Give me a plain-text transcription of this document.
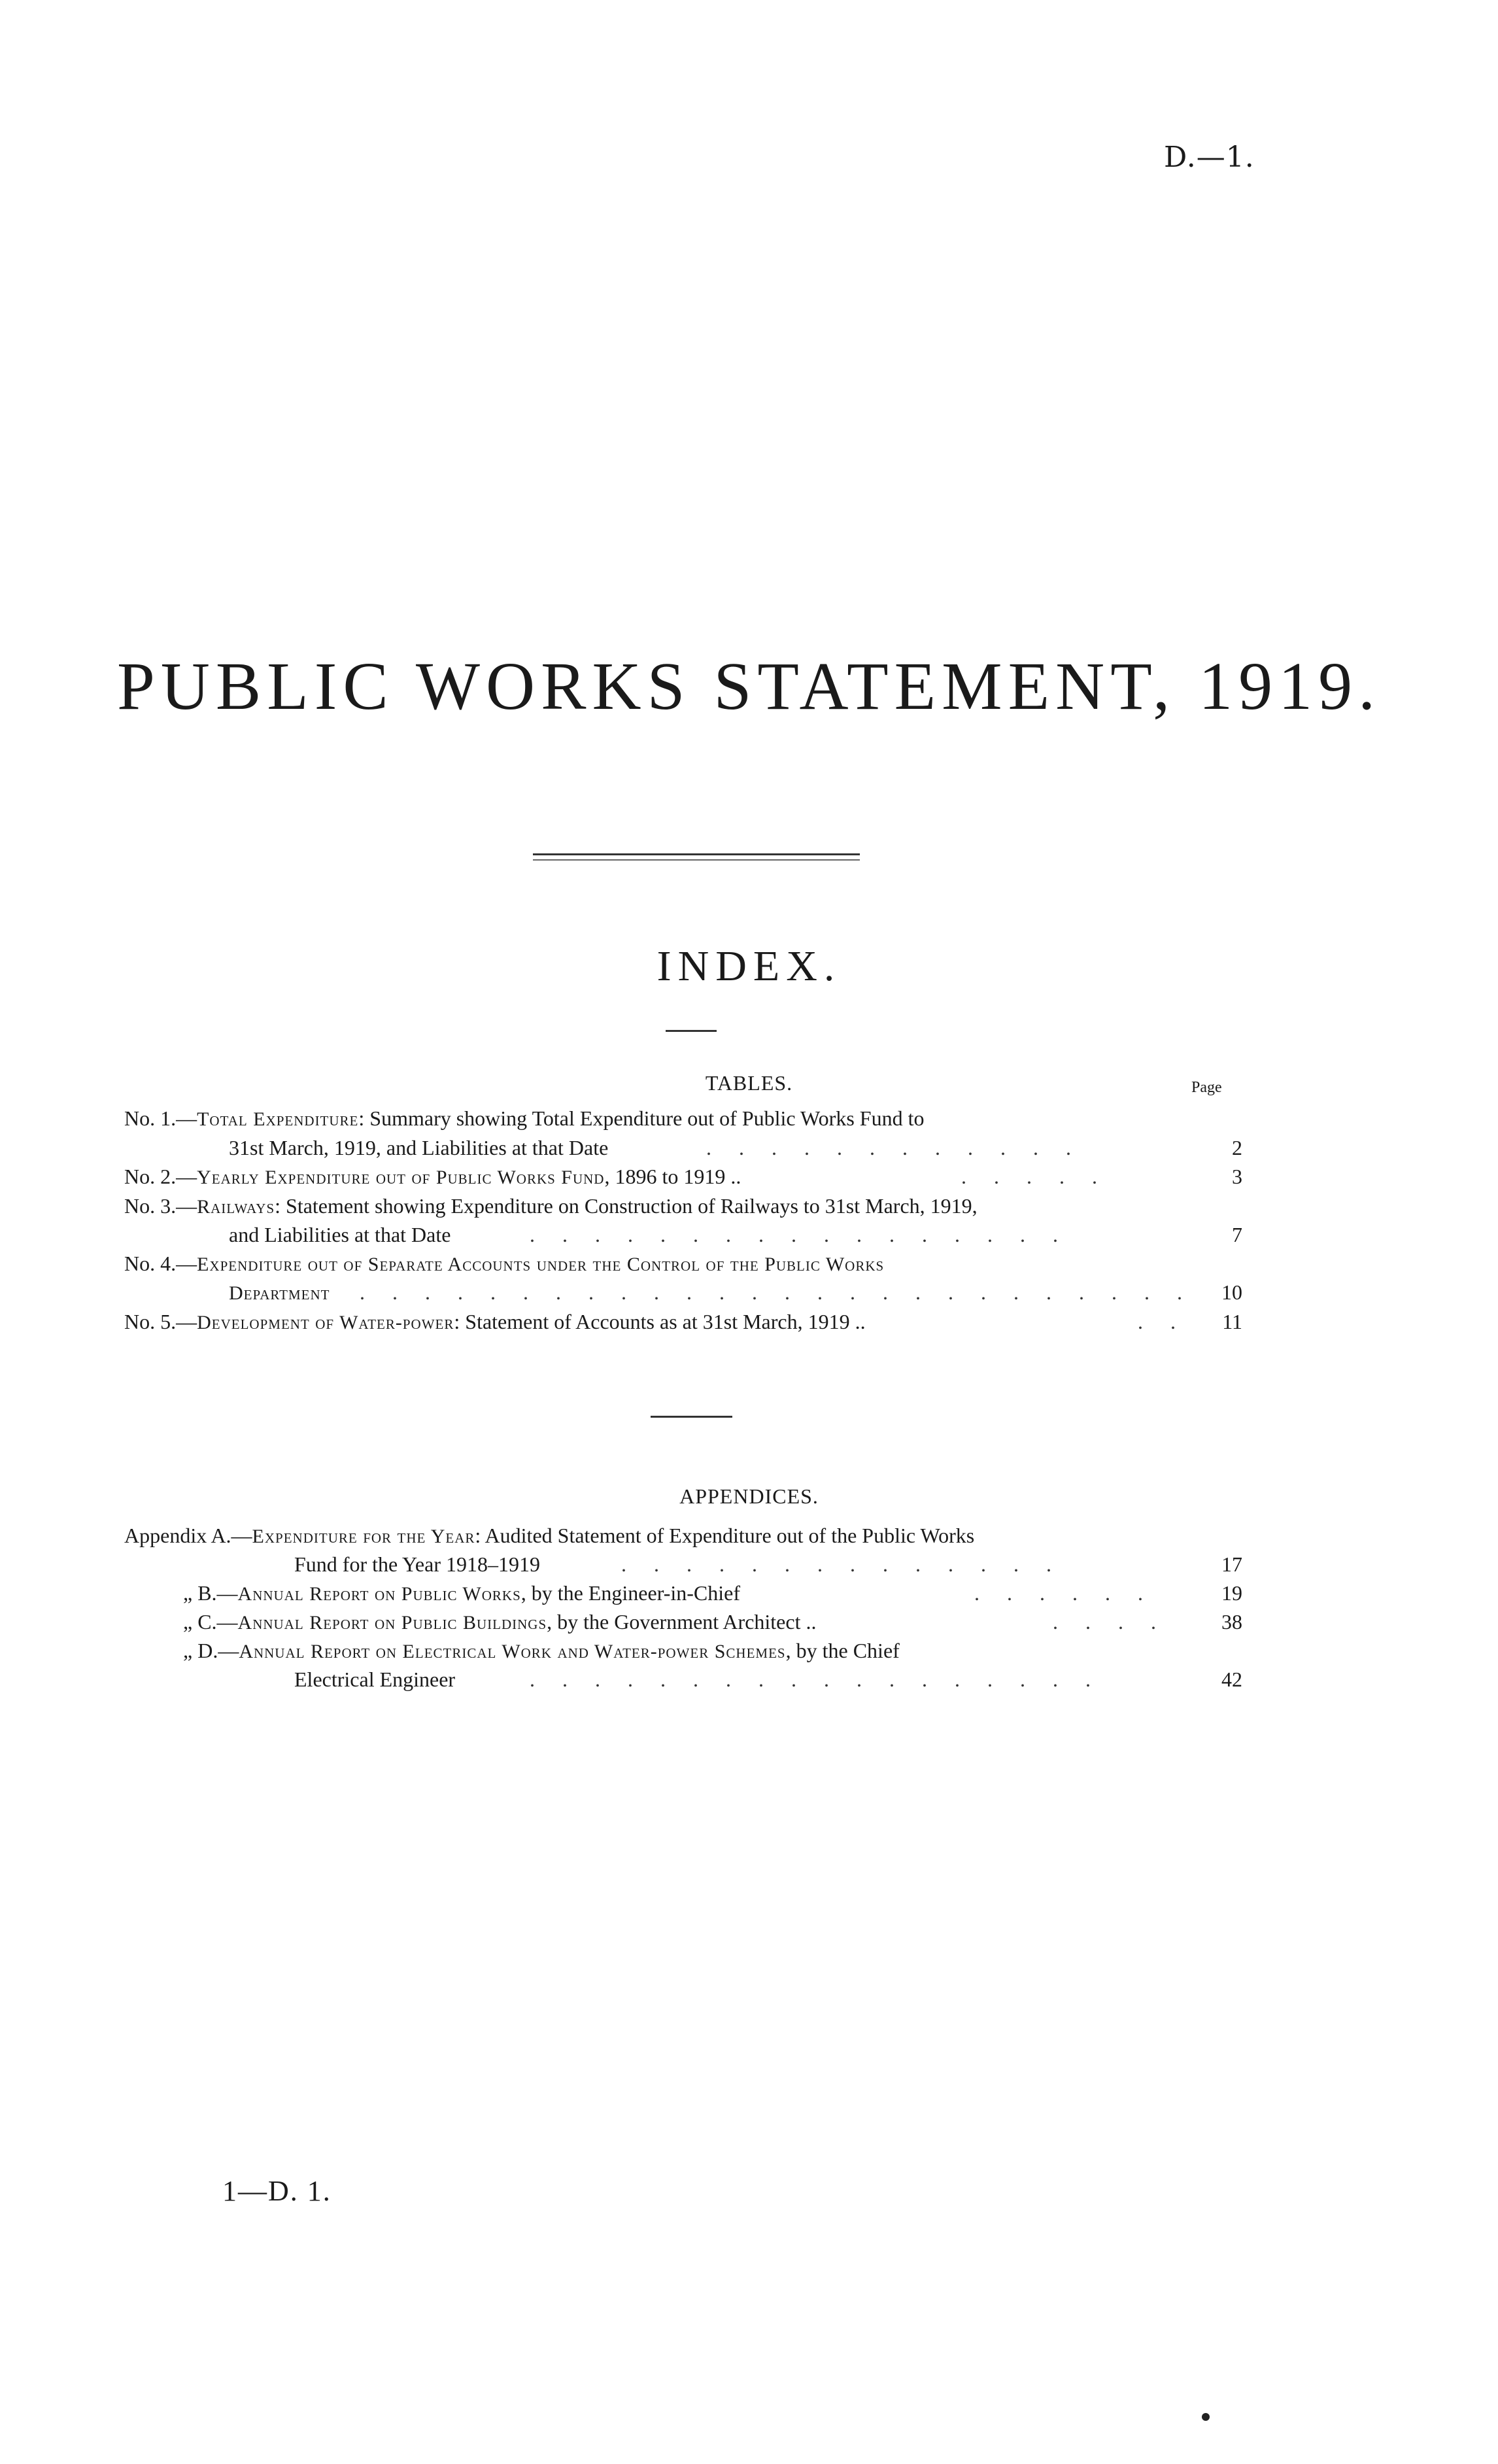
D.—1.
PUBLIC WORKS STATEMENT, 1919.
INDEX.
TABLES.	Page
No. 1.—Total Expenditure: Summary showing Total Expenditure out of Public Works Fund to
31st March, 1919, and Liabilities at that Date	............	2
No. 2.—Yearly Expenditure out of Public Works Fund, 1896 to 1919 ..	.....	3
No. 3.—Railways: Statement showing Expenditure on Construction of Railways to 31st March, 1919,
and Liabilities at that Date	.................	7
No. 4.—Expenditure out of Separate Accounts under the Control of the Public Works
Department .......................... 10
No. 5.—Development of Water-power: Statement of Accounts as at 31st March, 1919 ..	.. 11
APPENDICES.
Appendix A.—Expenditure for the Year: Audited Statement of Expenditure out of the Public Works
Fund for the Year 1918–1919	..............	17
„ B.—Annual Report on Public Works, by the Engineer-in-Chief	......	19
„ C.—Annual Report on Public Buildings, by the Government Architect ..	....	38
„ D.—Annual Report on Electrical Work and Water-power Schemes, by the Chief
Electrical Engineer	..................	42
1—D. 1.
